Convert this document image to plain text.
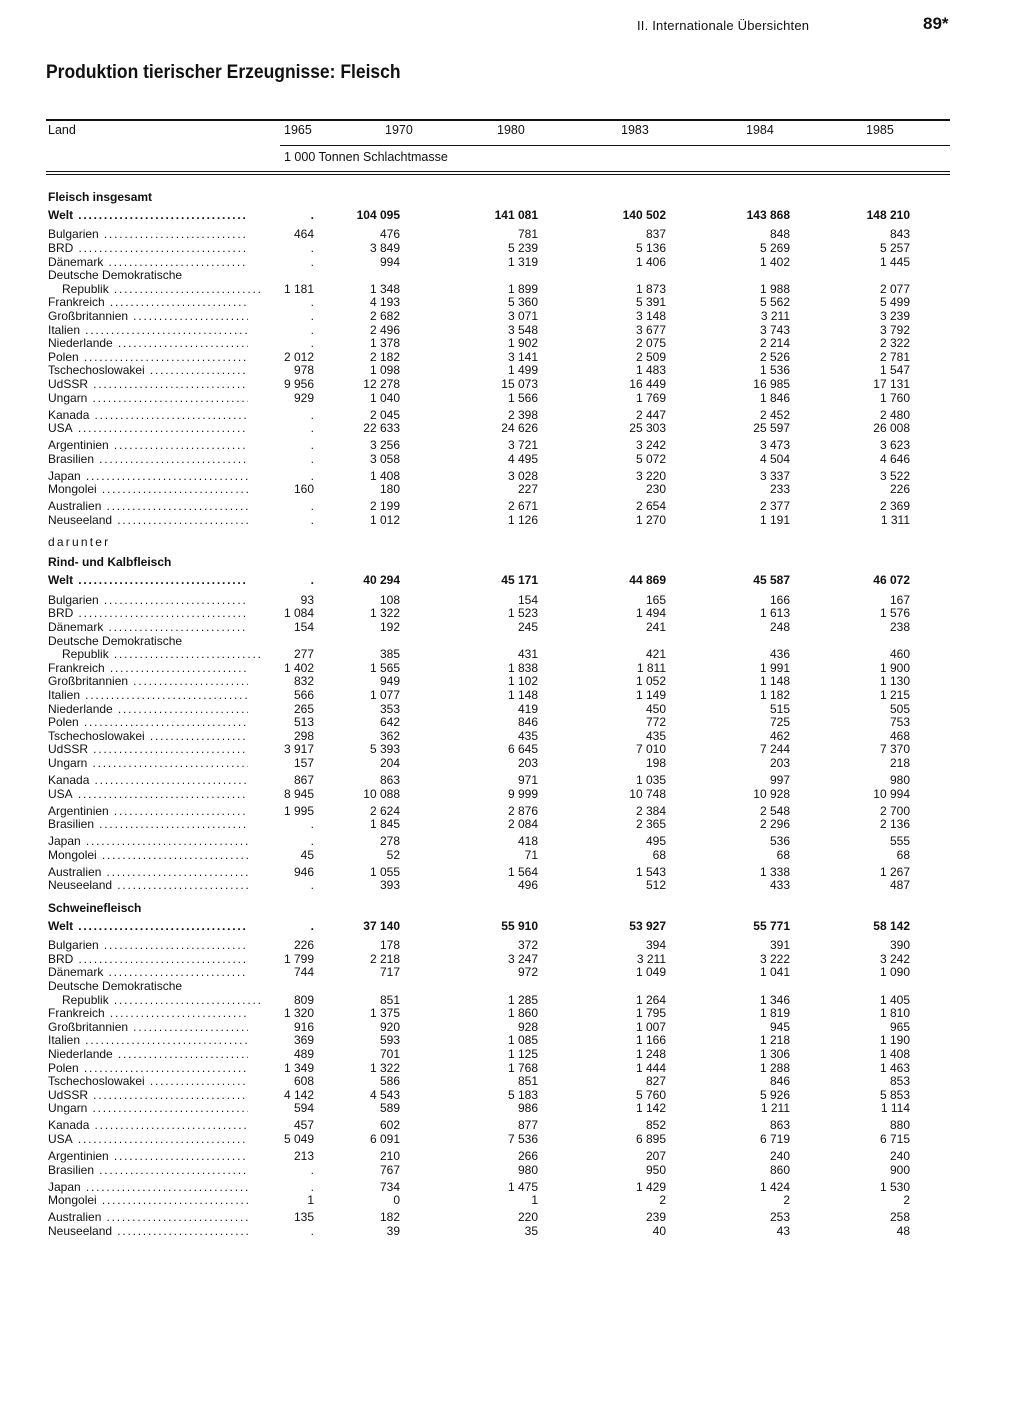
II. Internationale Übersichten	89*
Produktion tierischer Erzeugnisse: Fleisch
Land	1965	1970	1980	1983	1984	1985
1 000 Tonnen Schlachtmasse
Fleisch insgesamt
Welt .....	.	104 095	141 081	140 502	143 868	148 210
Bulgarien .....	464	476	781	837	848	843
BRD .....	.	3 849	5 239	5 136	5 269	5 257
Dänemark .....	.	994	1 319	1 406	1 402	1 445
Deutsche Demokratische
Republik .....	1 181	1 348	1 899	1 873	1 988	2 077
Frankreich .....	.	4 193	5 360	5 391	5 562	5 499
Großbritannien .....	.	2 682	3 071	3 148	3 211	3 239
Italien .....	.	2 496	3 548	3 677	3 743	3 792
Niederlande .....	.	1 378	1 902	2 075	2 214	2 322
Polen .....	2 012	2 182	3 141	2 509	2 526	2 781
Tschechoslowakei .....	978	1 098	1 499	1 483	1 536	1 547
UdSSR .....	9 956	12 278	15 073	16 449	16 985	17 131
Ungarn .....	929	1 040	1 566	1 769	1 846	1 760
Kanada .....	.	2 045	2 398	2 447	2 452	2 480
USA .....	.	22 633	24 626	25 303	25 597	26 008
Argentinien .....	.	3 256	3 721	3 242	3 473	3 623
Brasilien .....	.	3 058	4 495	5 072	4 504	4 646
Japan .....	.	1 408	3 028	3 220	3 337	3 522
Mongolei .....	160	180	227	230	233	226
Australien .....	.	2 199	2 671	2 654	2 377	2 369
Neuseeland .....	.	1 012	1 126	1 270	1 191	1 311
darunter
Rind- und Kalbfleisch
Welt .....	.	40 294	45 171	44 869	45 587	46 072
Bulgarien .....	93	108	154	165	166	167
BRD .....	1 084	1 322	1 523	1 494	1 613	1 576
Dänemark .....	154	192	245	241	248	238
Deutsche Demokratische
Republik .....	277	385	431	421	436	460
Frankreich .....	1 402	1 565	1 838	1 811	1 991	1 900
Großbritannien .....	832	949	1 102	1 052	1 148	1 130
Italien .....	566	1 077	1 148	1 149	1 182	1 215
Niederlande .....	265	353	419	450	515	505
Polen .....	513	642	846	772	725	753
Tschechoslowakei .....	298	362	435	435	462	468
UdSSR .....	3 917	5 393	6 645	7 010	7 244	7 370
Ungarn .....	157	204	203	198	203	218
Kanada .....	867	863	971	1 035	997	980
USA .....	8 945	10 088	9 999	10 748	10 928	10 994
Argentinien .....	1 995	2 624	2 876	2 384	2 548	2 700
Brasilien .....	.	1 845	2 084	2 365	2 296	2 136
Japan .....	.	278	418	495	536	555
Mongolei .....	45	52	71	68	68	68
Australien .....	946	1 055	1 564	1 543	1 338	1 267
Neuseeland .....	.	393	496	512	433	487
Schweinefleisch
Welt .....	.	37 140	55 910	53 927	55 771	58 142
Bulgarien .....	226	178	372	394	391	390
BRD .....	1 799	2 218	3 247	3 211	3 222	3 242
Dänemark .....	744	717	972	1 049	1 041	1 090
Deutsche Demokratische
Republik .....	809	851	1 285	1 264	1 346	1 405
Frankreich .....	1 320	1 375	1 860	1 795	1 819	1 810
Großbritannien .....	916	920	928	1 007	945	965
Italien .....	369	593	1 085	1 166	1 218	1 190
Niederlande .....	489	701	1 125	1 248	1 306	1 408
Polen .....	1 349	1 322	1 768	1 444	1 288	1 463
Tschechoslowakei .....	608	586	851	827	846	853
UdSSR .....	4 142	4 543	5 183	5 760	5 926	5 853
Ungarn .....	594	589	986	1 142	1 211	1 114
Kanada .....	457	602	877	852	863	880
USA .....	5 049	6 091	7 536	6 895	6 719	6 715
Argentinien .....	213	210	266	207	240	240
Brasilien .....	.	767	980	950	860	900
Japan .....	.	734	1 475	1 429	1 424	1 530
Mongolei .....	1	0	1	2	2	2
Australien .....	135	182	220	239	253	258
Neuseeland .....	.	39	35	40	43	48
